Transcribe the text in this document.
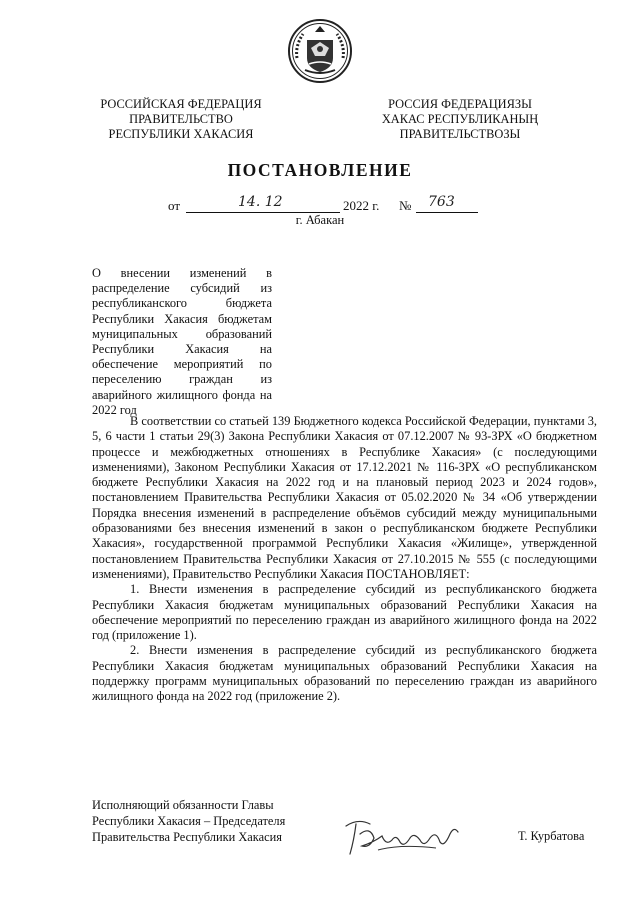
РОССИЙСКАЯ ФЕДЕРАЦИЯ
ПРАВИТЕЛЬСТВО
РЕСПУБЛИКИ ХАКАСИЯ
РОССИЯ ФЕДЕРАЦИЯЗЫ
ХАКАС РЕСПУБЛИКАНЫҢ
ПРАВИТЕЛЬСТВОЗЫ
ПОСТАНОВЛЕНИЕ
от	14. 12	2022 г. № 763
г. Абакан
О внесении изменений в распределение субсидий из республиканского бюджета Республики Хакасия бюджетам муниципальных образований Республики Хакасия на обеспечение мероприятий по переселению граждан из аварийного жилищного фонда на 2022 год

В соответствии со статьей 139 Бюджетного кодекса Российской Федерации, пунктами 3, 5, 6 части 1 статьи 29(3) Закона Республики Хакасия от 07.12.2007 № 93-ЗРХ «О бюджетном процессе и межбюджетных отношениях в Республике Хакасия» (с последующими изменениями), Законом Республики Хакасия от 17.12.2021 № 116-ЗРХ «О республиканском бюджете Республики Хакасия на 2022 год и на плановый период 2023 и 2024 годов», постановлением Правительства Республики Хакасия от 05.02.2020 № 34 «Об утверждении Порядка внесения изменений в распределение объёмов субсидий между муниципальными образованиями без внесения изменений в закон о республиканском бюджете Республики Хакасия», государственной программой Республики Хакасия «Жилище», утвержденной постановлением Правительства Республики Хакасия от 27.10.2015 № 555 (с последующими изменениями), Правительство Республики Хакасия ПОСТАНОВЛЯЕТ:

1. Внести изменения в распределение субсидий из республиканского бюджета Республики Хакасия бюджетам муниципальных образований Республики Хакасия на обеспечение мероприятий по переселению граждан из аварийного жилищного фонда на 2022 год (приложение 1).

2. Внести изменения в распределение субсидий из республиканского бюджета Республики Хакасия бюджетам муниципальных образований Республики Хакасия на поддержку программ муниципальных образований по переселению граждан из аварийного жилищного фонда на 2022 год (приложение 2).

Исполняющий обязанности Главы
Республики Хакасия – Председателя
Правительства Республики Хакасия	Т. Курбатова
